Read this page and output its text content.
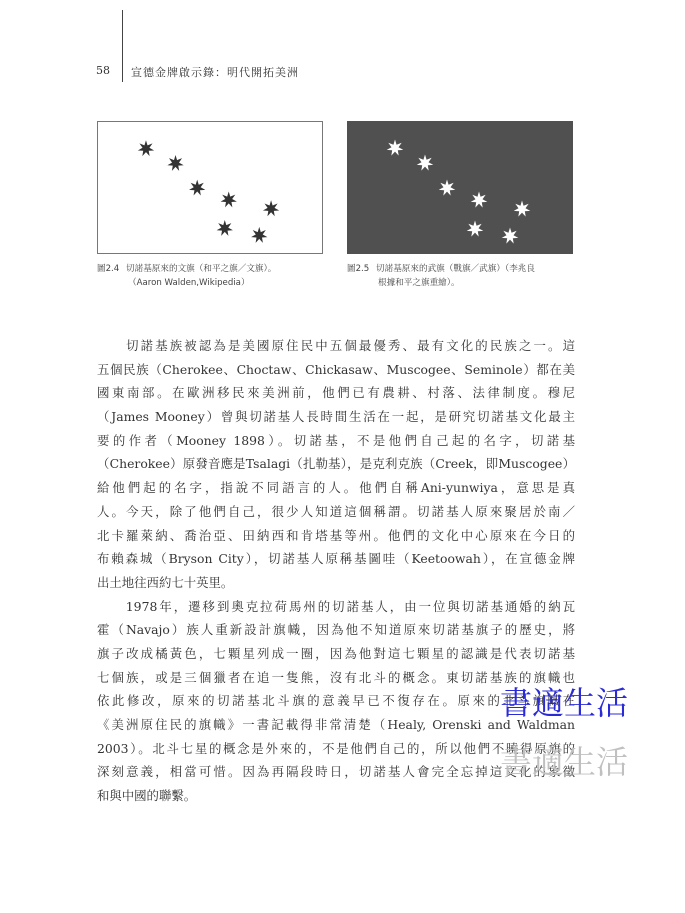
58 宣德金牌啟示錄：明代開拓美洲
圖2.4 切諾基原來的文旗（和平之旗／文旗）。
（Aaron Walden,Wikipedia）
圖2.5 切諾基原來的武旗（戰旗／武旗）（李兆良
根據和平之旗重繪）。
　　切諾基族被認為是美國原住民中五個最優秀、最有文化的民族之一。這
五個民族（Cherokee、Choctaw、Chickasaw、Muscogee、Seminole）都在美
國東南部。在歐洲移民來美洲前，他們已有農耕、村落、法律制度。穆尼
（James Mooney）曾與切諾基人長時間生活在一起，是研究切諾基文化最主
要的作者（Mooney 1898）。切諾基，不是他們自己起的名字，切諾基
（Cherokee）原發音應是Tsalagi（扎勒基），是克利克族（Creek，即Muscogee）
給他們起的名字，指說不同語言的人。他們自稱Ani-yunwiya，意思是真
人。今天，除了他們自己，很少人知道這個稱謂。切諾基人原來聚居於南／
北卡羅萊納、喬治亞、田納西和肯塔基等州。他們的文化中心原來在今日的
布賴森城（Bryson City），切諾基人原稱基圖哇（Keetoowah），在宣德金牌
出土地往西約七十英里。
　　1978年，遷移到奧克拉荷馬州的切諾基人，由一位與切諾基通婚的納瓦
霍（Navajo）族人重新設計旗幟，因為他不知道原來切諾基旗子的歷史，將
旗子改成橘黃色，七顆星列成一圈，因為他對這七顆星的認識是代表切諾基
七個族，或是三個獵者在追一隻熊，沒有北斗的概念。東切諾基族的旗幟也
依此修改，原來的切諾基北斗旗的意義早已不復存在。原來的北斗旗幟在
《美洲原住民的旗幟》一書記載得非常清楚（Healy, Orenski and Waldman
2003）。北斗七星的概念是外來的，不是他們自己的，所以他們不曉得原旗的
深刻意義，相當可惜。因為再隔段時日，切諾基人會完全忘掉這文化的象徵
和與中國的聯繫。
書適生活
書適生活
